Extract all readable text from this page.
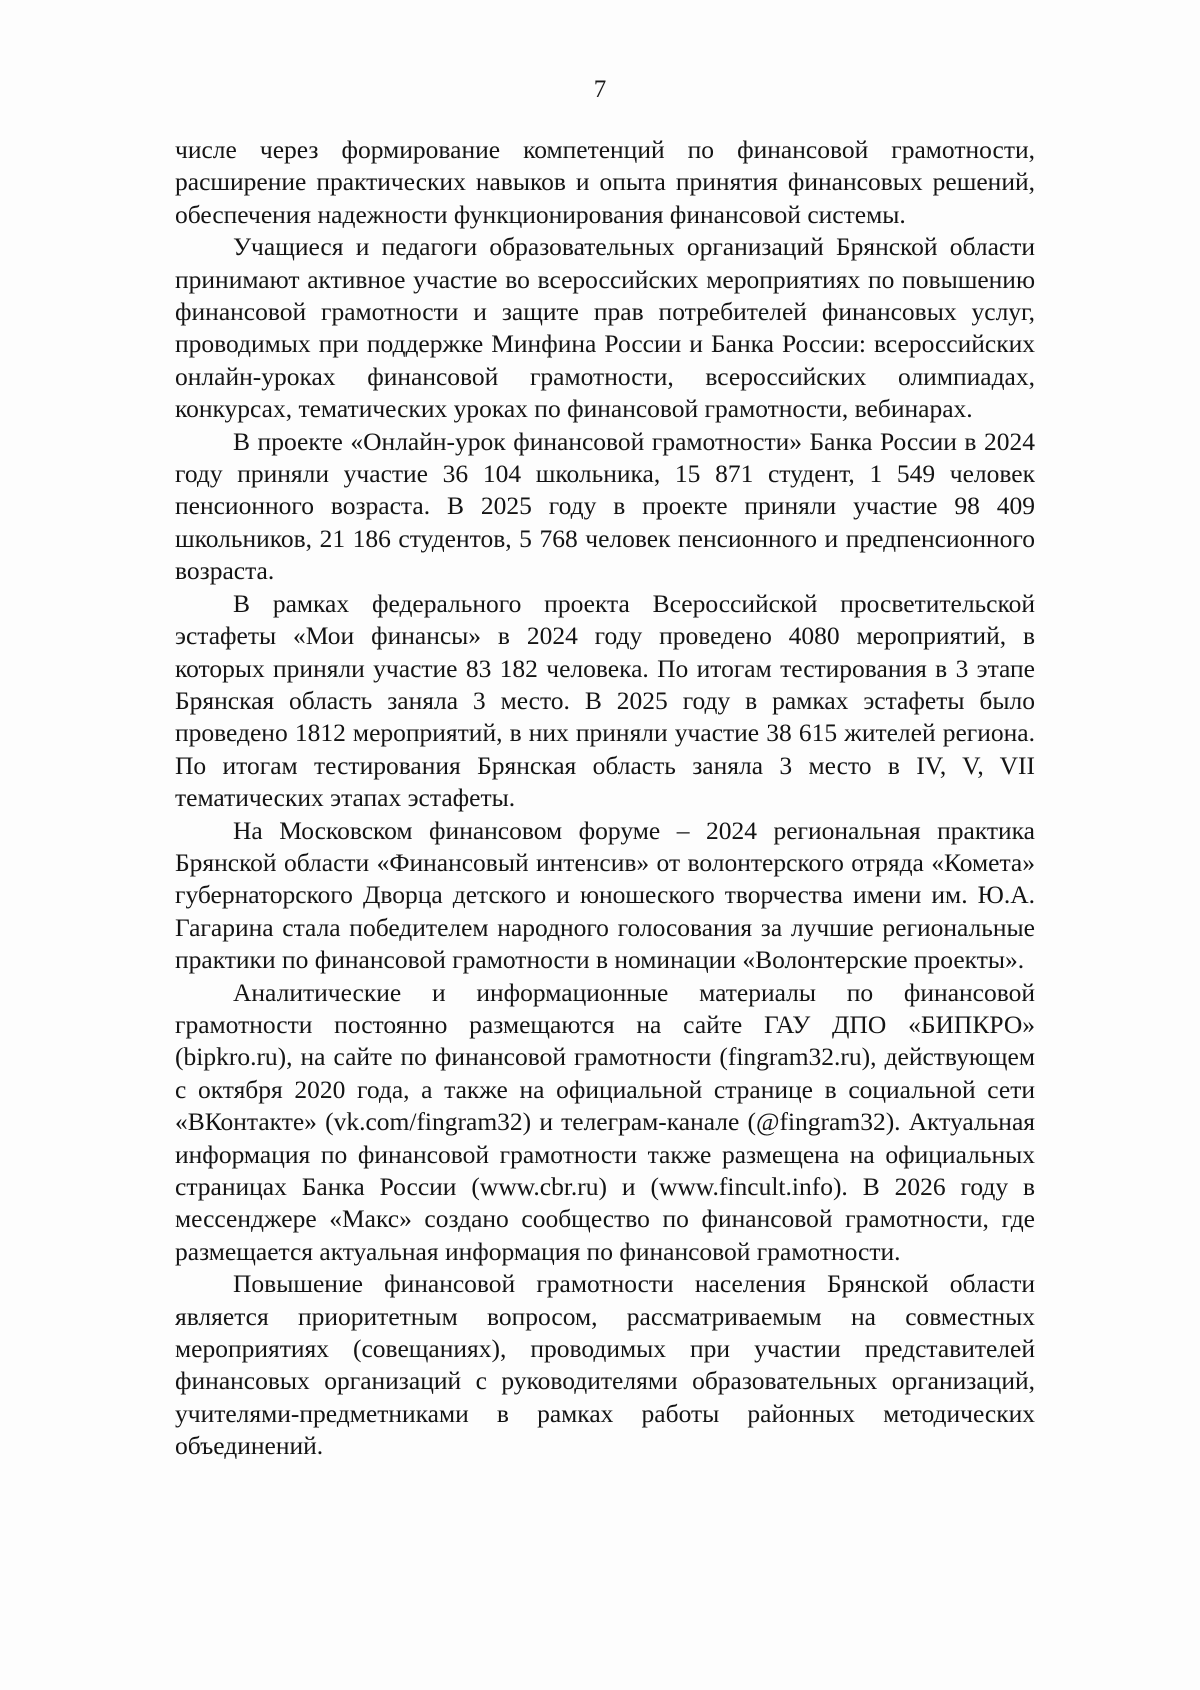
7

числе через формирование компетенций по финансовой грамотности, расширение практических навыков и опыта принятия финансовых решений, обеспечения надежности функционирования финансовой системы.

Учащиеся и педагоги образовательных организаций Брянской области принимают активное участие во всероссийских мероприятиях по повышению финансовой грамотности и защите прав потребителей финансовых услуг, проводимых при поддержке Минфина России и Банка России: всероссийских онлайн-уроках финансовой грамотности, всероссийских олимпиадах, конкурсах, тематических уроках по финансовой грамотности, вебинарах.

В проекте «Онлайн-урок финансовой грамотности» Банка России в 2024 году приняли участие 36 104 школьника, 15 871 студент, 1 549 человек пенсионного возраста. В 2025 году в проекте приняли участие 98 409 школьников, 21 186 студентов, 5 768 человек пенсионного и предпенсионного возраста.

В рамках федерального проекта Всероссийской просветительской эстафеты «Мои финансы» в 2024 году проведено 4080 мероприятий, в которых приняли участие 83 182 человека. По итогам тестирования в 3 этапе Брянская область заняла 3 место. В 2025 году в рамках эстафеты было проведено 1812 мероприятий, в них приняли участие 38 615 жителей региона. По итогам тестирования Брянская область заняла 3 место в IV, V, VII тематических этапах эстафеты.

На Московском финансовом форуме – 2024 региональная практика Брянской области «Финансовый интенсив» от волонтерского отряда «Комета» губернаторского Дворца детского и юношеского творчества имени им. Ю.А. Гагарина стала победителем народного голосования за лучшие региональные практики по финансовой грамотности в номинации «Волонтерские проекты».

Аналитические и информационные материалы по финансовой грамотности постоянно размещаются на сайте ГАУ ДПО «БИПКРО» (bipkro.ru), на сайте по финансовой грамотности (fingram32.ru), действующем с октября 2020 года, а также на официальной странице в социальной сети «ВКонтакте» (vk.com/fingram32) и телеграм-канале (@fingram32). Актуальная информация по финансовой грамотности также размещена на официальных страницах Банка России (www.cbr.ru) и (www.fincult.info). В 2026 году в мессенджере «Макс» создано сообщество по финансовой грамотности, где размещается актуальная информация по финансовой грамотности.

Повышение финансовой грамотности населения Брянской области является приоритетным вопросом, рассматриваемым на совместных мероприятиях (совещаниях), проводимых при участии представителей финансовых организаций с руководителями образовательных организаций, учителями-предметниками в рамках работы районных методических объединений.
